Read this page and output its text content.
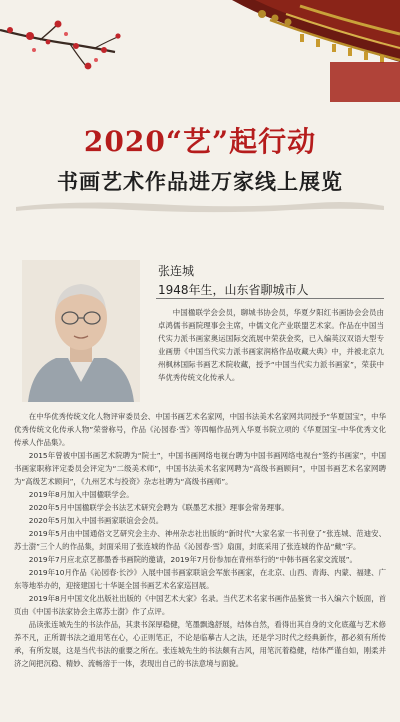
2020“艺”起行动
书画艺术作品进万家线上展览
张连城
1948年生，山东省聊城市人

中国楹联学会会员，聊城书协会员，华夏夕阳红书画协会会员由卓鸿儒书画院理事会主席，中儒文化产业联盟艺术家。作品在中国当代实力派书画家奥运国际交流展中荣获金奖，已入编英汉双语大型专业画册《中国当代实力派书画家润格作品收藏大典》中，并被北京九州枫林国际书画艺术院收藏，授予“中国当代实力派书画家”，荣获中华优秀传统文化传承人。

在中华优秀传统文化人物评审委员会、中国书画艺术名家网，中国书法美术名家网共同授予“华夏国宝”，中华优秀传统文化传承人物”荣誉称号，作品《沁园春·雪》等四幅作品列入华夏书院立项的《华夏国宝–中华优秀文化传承人作品集》。

2015年曾被中国书画艺术院聘为“院士”，中国书画网络电视台聘为中国书画网络电视台“签约书画家”，中国书画家职称评定委员会评定为“二级美术师”，中国书法美术名家网聘为“高级书画顾问”，中国书画艺术名家网聘为“高级艺术顾问”，《九州艺术与投资》杂志社聘为“高级书画师”。

2019年8月加入中国楹联学会。

2020年5月中国楹联学会书法艺术研究会聘为《联墨艺术报》理事会常务理事。

2020年5月加入中国书画家联谊会会员。

2019年5月由中国通俗文艺研究会主办、神州杂志社出版的“新时代”大家名家一书刊登了“张连城、范迪安、苏士澍”三个人的作品集，封面采用了张连城的作品《沁园春·雪》扇面，封底采用了张连城的作品“戴”字。

2019年7月应北京艺都墨香书画院的邀请，2019年7月份参加在青州举行的“中韩书画名家交流展”。

2019年10月作品《沁园春·长沙》入展中国书画家联谊会军旅书画家，在北京、山西、青海、内蒙、福建、广东等地举办的，迎接建国七十华诞全国书画艺术名家巡回展。

2019年8月中国文化出版社出版的《中国艺术大家》名录。当代艺术名家书画作品鉴赏一书入编六个版面，首页由《中国书法家协会主席苏士澍》作了点评。

品读张连城先生的书法作品，其隶书深厚稳健，笔墨飘逸舒展，结体自然，看得出其自身的文化底蕴与艺术修养不凡，正所谓书法之道用笔在心，心正则笔正，不论是临摹古人之法，还是学习时代之经典新作，都必须有所传承，有所发展，这是当代书法的重要之所在。张连城先生的书法颇有古风，用笔沉着稳健，结体严谨自如，刚柔并济之间把沉稳、精妙、流畅溶于一体，表现出自己的书法意境与面貌。
